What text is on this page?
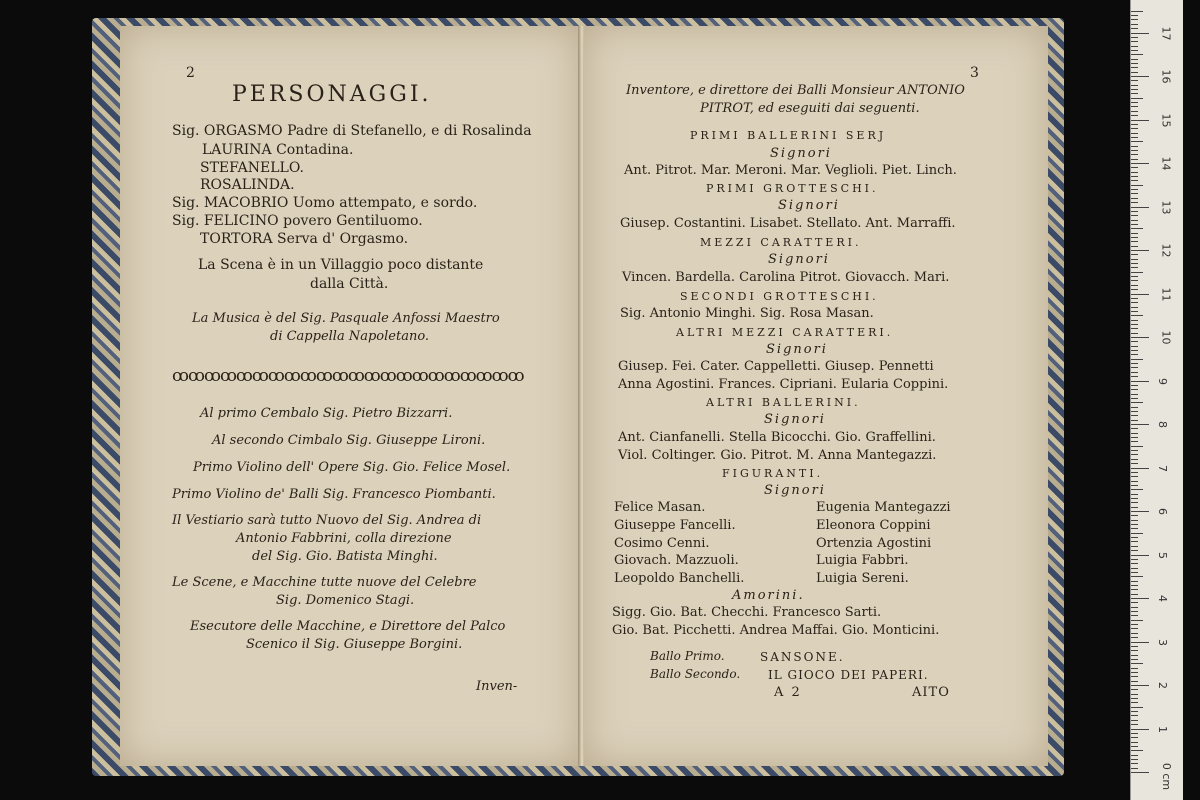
2
PERSONAGGI.
Sig. ORGASMO Padre di Stefanello, e di Rosalinda
LAURINA Contadina.
STEFANELLO.
ROSALINDA.
Sig. MACOBRIO Uomo attempato, e sordo.
Sig. FELICINO povero Gentiluomo.
TORTORA Serva d' Orgasmo.
La Scena è in un Villaggio poco distante
dalla Città.
La Musica è del Sig. Pasquale Anfossi Maestro
di Cappella Napoletano.
ꝏꝏꝏꝏꝏꝏꝏꝏꝏꝏꝏꝏꝏꝏꝏꝏꝏꝏꝏꝏꝏꝏ
Al primo Cembalo Sig. Pietro Bizzarri.
Al secondo Cimbalo Sig. Giuseppe Lironi.
Primo Violino dell' Opere Sig. Gio. Felice Mosel.
Primo Violino de' Balli Sig. Francesco Piombanti.
Il Vestiario sarà tutto Nuovo del Sig. Andrea di
Antonio Fabbrini, colla direzione
del Sig. Gio. Batista Minghi.
Le Scene, e Macchine tutte nuove del Celebre
Sig. Domenico Stagi.
Esecutore delle Macchine, e Direttore del Palco
Scenico il Sig. Giuseppe Borgini.
Inven-
3
Inventore, e direttore dei Balli Monsieur ANTONIO
PITROT, ed eseguiti dai seguenti.
PRIMI BALLERINI SERJ
Signori
Ant. Pitrot. Mar. Meroni. Mar. Veglioli. Piet. Linch.
PRIMI GROTTESCHI.
Signori
Giusep. Costantini. Lisabet. Stellato. Ant. Marraffi.
MEZZI CARATTERI.
Signori
Vincen. Bardella. Carolina Pitrot. Giovacch. Mari.
SECONDI GROTTESCHI.
Sig. Antonio Minghi. Sig. Rosa Masan.
ALTRI MEZZI CARATTERI.
Signori
Giusep. Fei. Cater. Cappelletti. Giusep. Pennetti
Anna Agostini. Frances. Cipriani. Eularia Coppini.
ALTRI BALLERINI.
Signori
Ant. Cianfanelli. Stella Bicocchi. Gio. Graffellini.
Viol. Coltinger. Gio. Pitrot. M. Anna Mantegazzi.
FIGURANTI.
Signori
Felice Masan.
Giuseppe Fancelli.
Cosimo Cenni.
Giovach. Mazzuoli.
Leopoldo Banchelli.
Eugenia Mantegazzi
Eleonora Coppini
Ortenzia Agostini
Luigia Fabbri.
Luigia Sereni.
Amorini.
Sigg. Gio. Bat. Checchi. Francesco Sarti.
Gio. Bat. Picchetti. Andrea Maffai. Gio. Monticini.
Ballo Primo.	SANSONE.
Ballo Secondo. IL GIOCO DEI PAPERI.
A 2	AITO
1
2
3
4
5
6
7
8
9
10
11
12
13
14
15
16
17
0 cm
